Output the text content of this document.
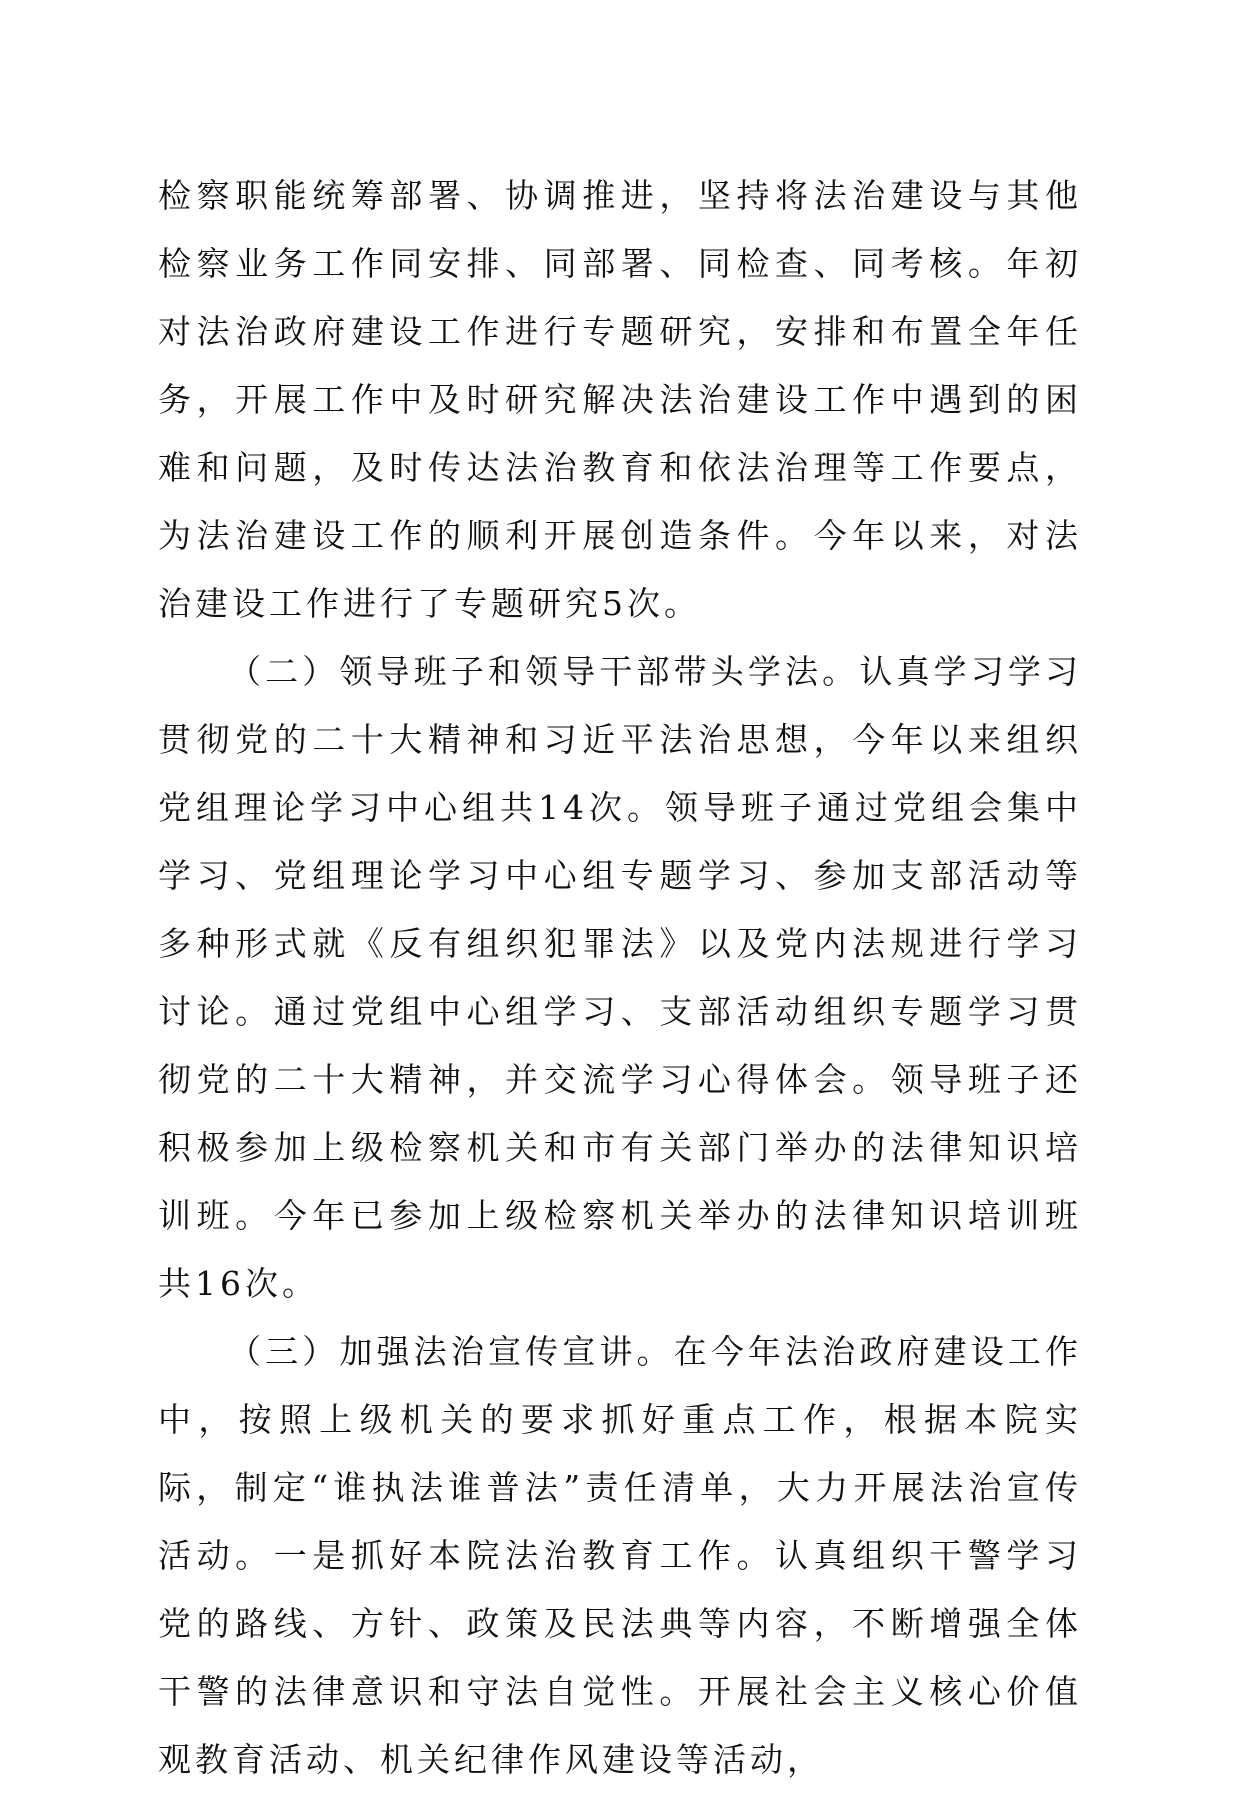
检察职能统筹部署、协调推进，坚持将法治建设与其他检察业务工作同安排、同部署、同检查、同考核。年初对法治政府建设工作进行专题研究，安排和布置全年任务，开展工作中及时研究解决法治建设工作中遇到的困难和问题，及时传达法治教育和依法治理等工作要点，为法治建设工作的顺利开展创造条件。今年以来，对法治建设工作进行了专题研究5次。

（二）领导班子和领导干部带头学法。认真学习学习贯彻党的二十大精神和习近平法治思想，今年以来组织党组理论学习中心组共14次。领导班子通过党组会集中学习、党组理论学习中心组专题学习、参加支部活动等多种形式就《反有组织犯罪法》以及党内法规进行学习讨论。通过党组中心组学习、支部活动组织专题学习贯彻党的二十大精神，并交流学习心得体会。领导班子还积极参加上级检察机关和市有关部门举办的法律知识培训班。今年已参加上级检察机关举办的法律知识培训班共16次。

（三）加强法治宣传宣讲。在今年法治政府建设工作中，按照上级机关的要求抓好重点工作，根据本院实际，制定“谁执法谁普法”责任清单，大力开展法治宣传活动。一是抓好本院法治教育工作。认真组织干警学习党的路线、方针、政策及民法典等内容，不断增强全体干警的法律意识和守法自觉性。开展社会主义核心价值观教育活动、机关纪律作风建设等活动，
